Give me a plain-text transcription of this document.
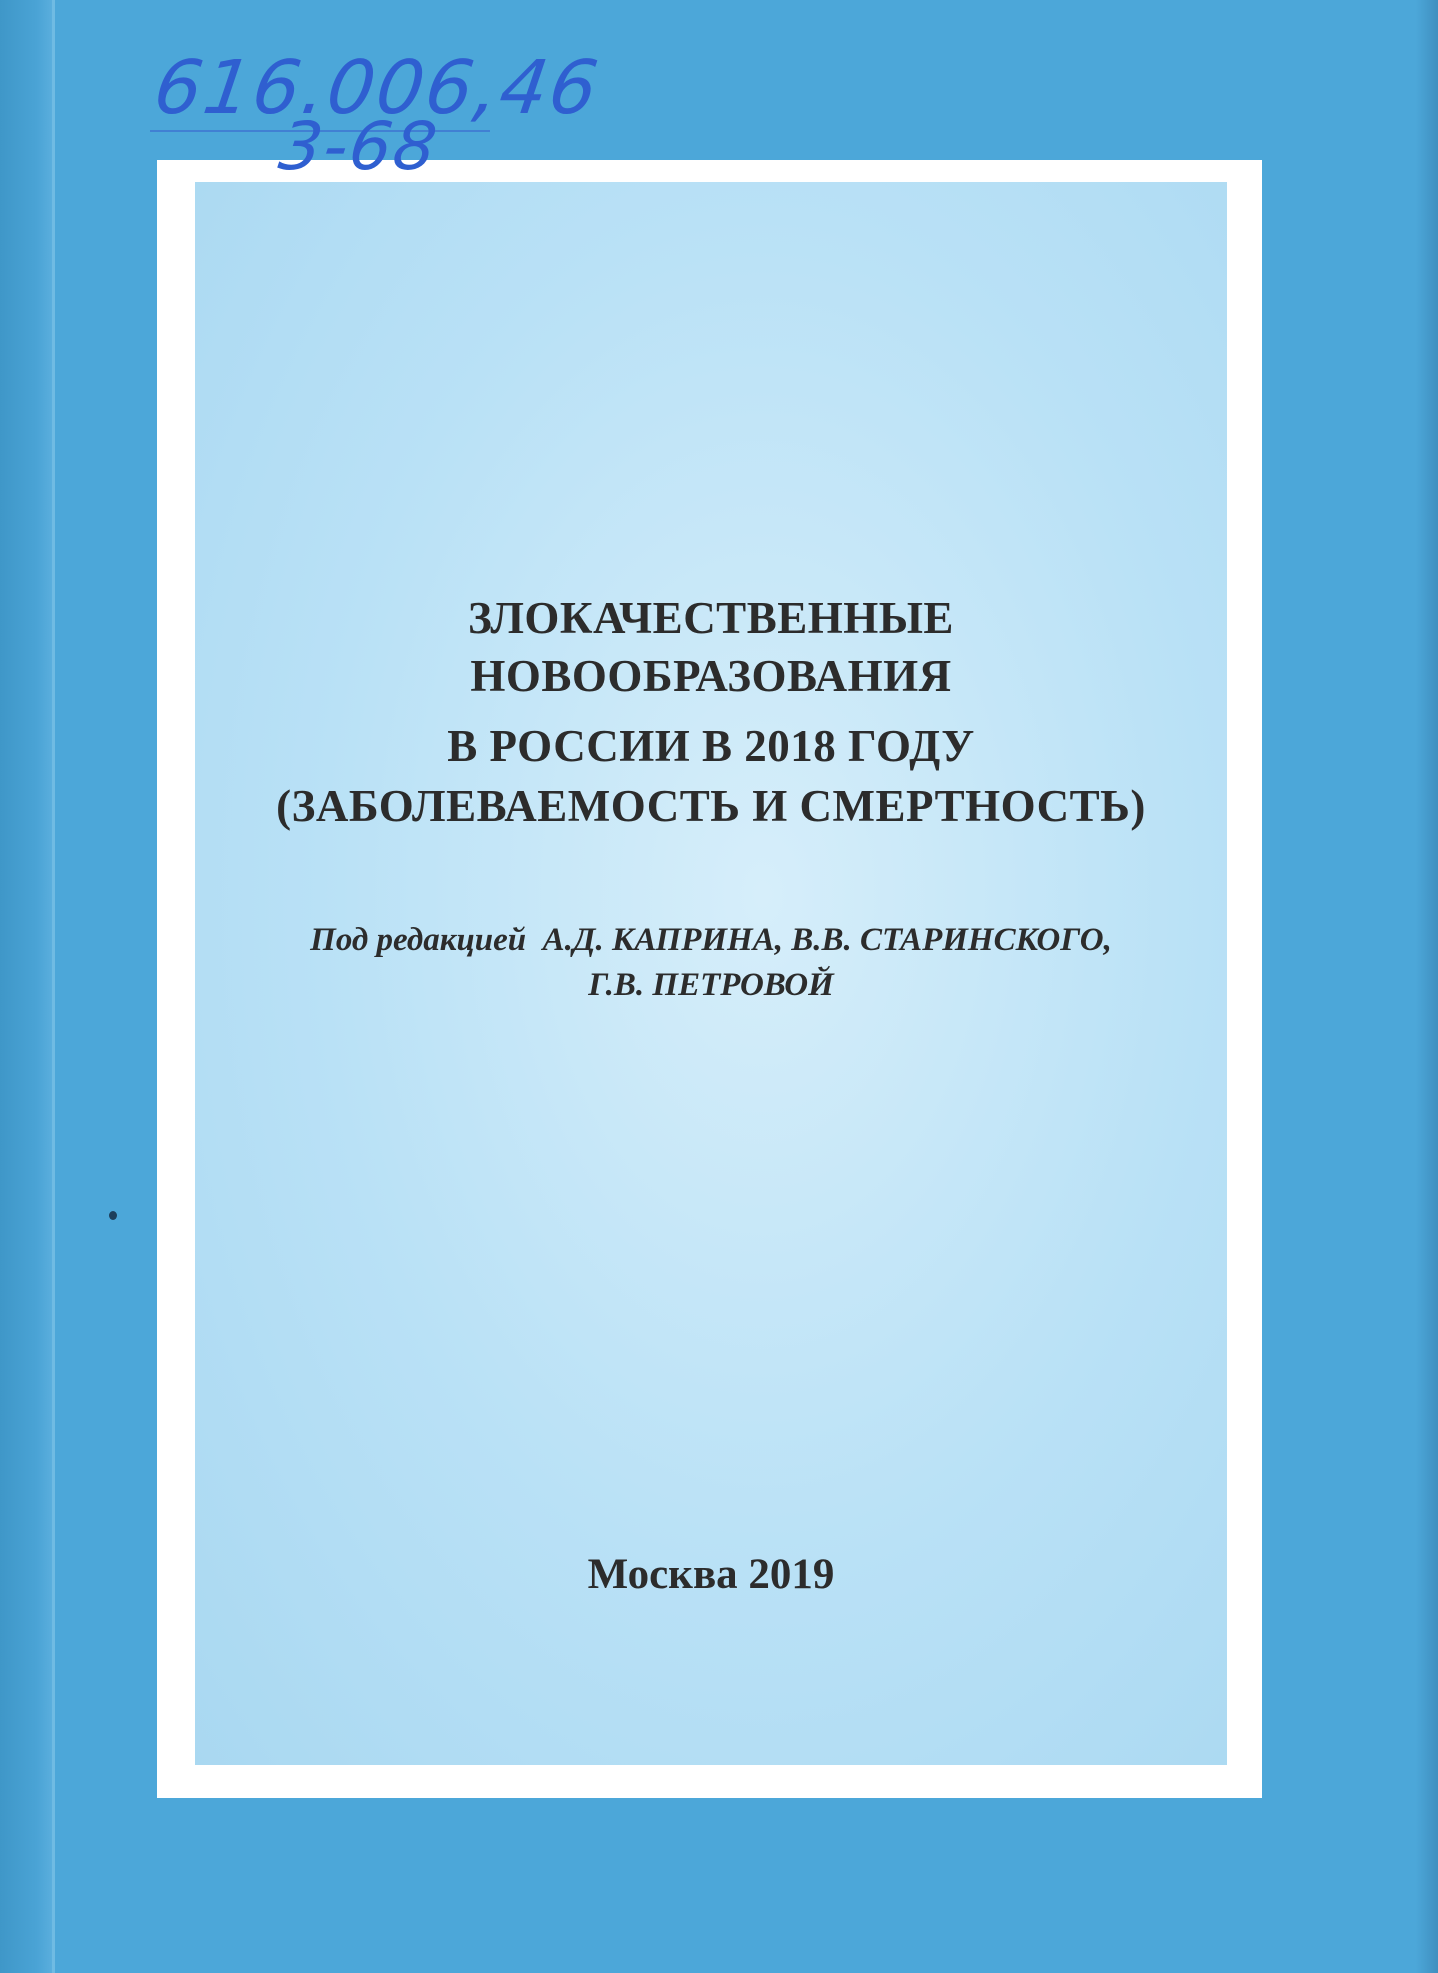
ЗЛОКАЧЕСТВЕННЫЕ
НОВООБРАЗОВАНИЯ
В РОССИИ В 2018 ГОДУ
(ЗАБОЛЕВАЕМОСТЬ И СМЕРТНОСТЬ)
Под редакцией  А.Д. КАПРИНА, В.В. СТАРИНСКОГО,
Г.В. ПЕТРОВОЙ
Москва 2019
616.006,46
3-68
